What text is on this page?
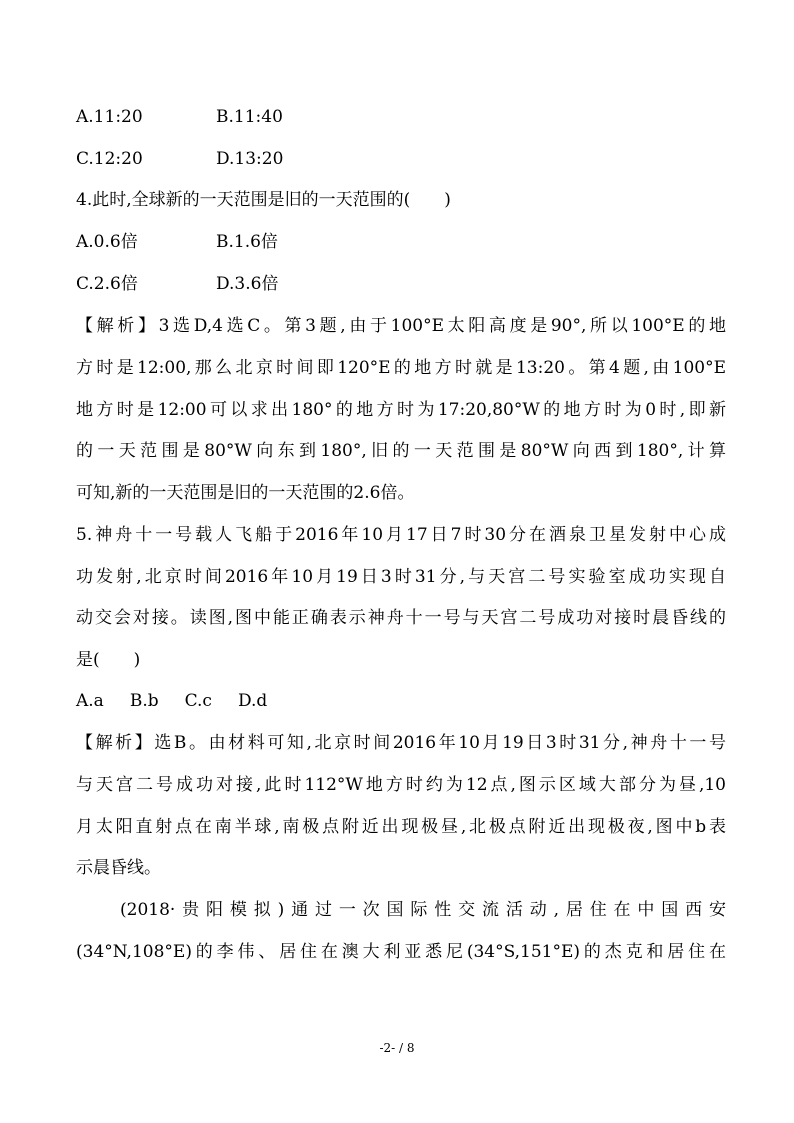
A.11:20	B.11:40
C.12:20	D.13:20
4.此时,全球新的一天范围是旧的一天范围的(　　)
A.0.6倍	B.1.6倍
C.2.6倍	D.3.6倍
【解析】3选D,4选C。第3题,由于100°E太阳高度是90°,所以100°E的地
方时是12:00,那么北京时间即120°E的地方时就是13:20。第4题,由100°E
地方时是12:00可以求出180°的地方时为17:20,80°W的地方时为0时,即新
的一天范围是80°W向东到180°,旧的一天范围是80°W向西到180°,计算
可知,新的一天范围是旧的一天范围的2.6倍。
5.神舟十一号载人飞船于2016年10月17日7时30分在酒泉卫星发射中心成
功发射,北京时间2016年10月19日3时31分,与天宫二号实验室成功实现自
动交会对接。读图,图中能正确表示神舟十一号与天宫二号成功对接时晨昏线的
是(　　)
A.a B.b C.c D.d
【解析】选B。由材料可知,北京时间2016年10月19日3时31分,神舟十一号
与天宫二号成功对接,此时112°W地方时约为12点,图示区域大部分为昼,10
月太阳直射点在南半球,南极点附近出现极昼,北极点附近出现极夜,图中b表
示晨昏线。
(2018·贵阳模拟)通过一次国际性交流活动,居住在中国西安
(34°N,108°E)的李伟、居住在澳大利亚悉尼(34°S,151°E)的杰克和居住在
-2- / 8
